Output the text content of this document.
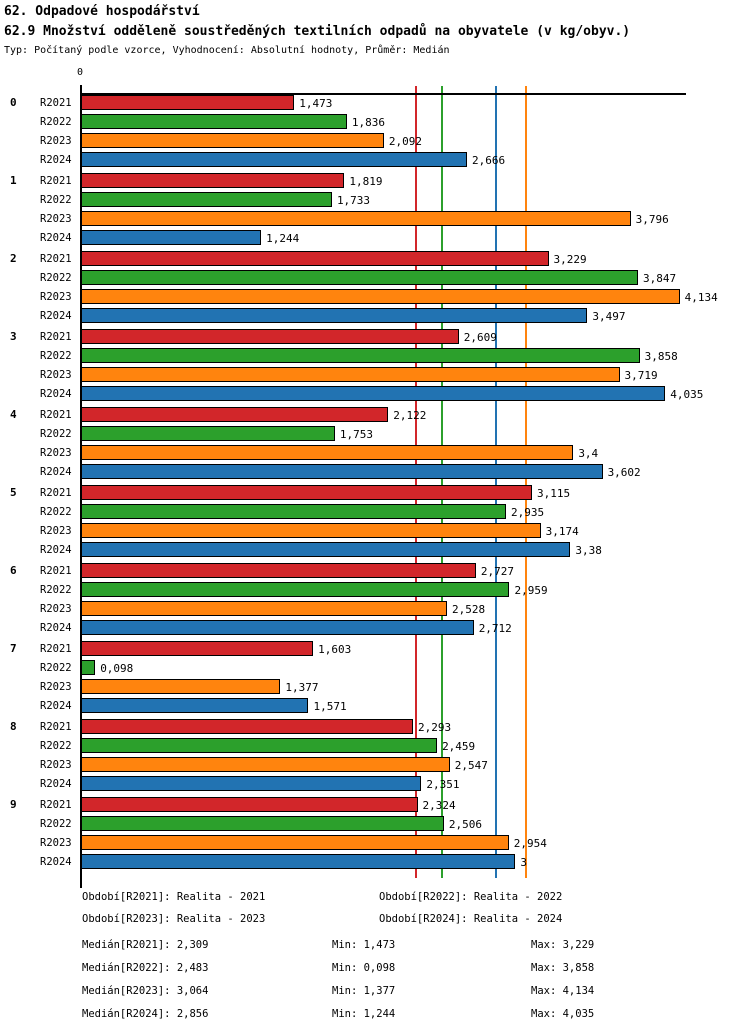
62. Odpadové hospodářství
62.9 Množství odděleně soustředěných textilních odpadů na obyvatele (v kg/obyv.)
Typ: Počítaný podle vzorce, Vyhodnocení: Absolutní hodnoty, Průměr: Medián
0
0 R2021	1,473
R2022	1,836
R2023	2,092
R2024	2,666
1 R2021	1,819
R2022	1,733
R2023	3,796
R2024	1,244
2 R2021	3,229
R2022	3,847
R2023	4,134
R2024	3,497
3 R2021	2,609
R2022	3,858
R2023	3,719
R2024	4,035
4 R2021	2,122
R2022	1,753
R2023	3,4
R2024	3,602
5 R2021	3,115
R2022	2,935
R2023	3,174
R2024	3,38
6 R2021	2,727
R2022	2,959
R2023	2,528
R2024	2,712
7 R2021	1,603
R2022	0,098
R2023	1,377
R2024	1,571
8 R2021	2,293
R2022	2,459
R2023	2,547
R2024	2,351
9 R2021	2,324
R2022	2,506
R2023	2,954
R2024	3
Období[R2021]: Realita - 2021	Období[R2022]: Realita - 2022
Období[R2023]: Realita - 2023	Období[R2024]: Realita - 2024
Medián[R2021]: 2,309	Min: 1,473	Max: 3,229
Medián[R2022]: 2,483	Min: 0,098	Max: 3,858
Medián[R2023]: 3,064	Min: 1,377	Max: 4,134
Medián[R2024]: 2,856	Min: 1,244	Max: 4,035
